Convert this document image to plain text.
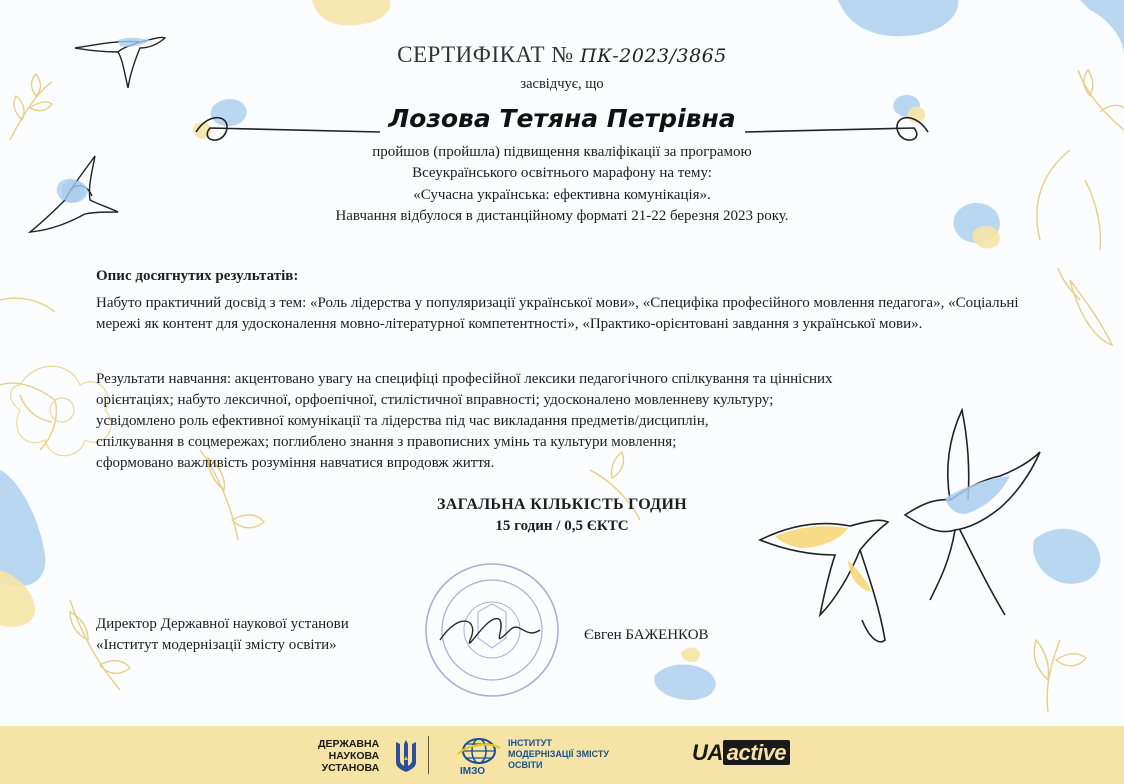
СЕРТИФІКАТ № ПК-2023/3865
засвідчує, що
Лозова Тетяна Петрівна
пройшов (пройшла) підвищення кваліфікації за програмою
Всеукраїнського освітнього марафону на тему:
«Сучасна українська: ефективна комунікація».
Навчання відбулося в дистанційному форматі 21-22 березня 2023 року.
Опис досягнутих результатів:
Набуто практичний досвід з тем: «Роль лідерства у популяризації української мови», «Специфіка професійного мовлення педагога», «Соціальні мережі як контент для удосконалення мовно-літературної компетентності», «Практико-орієнтовані завдання з української мови».
Результати навчання: акцентовано увагу на специфіці професійної лексики педагогічного спілкування та ціннісних
орієнтаціях; набуто лексичної, орфоепічної, стилістичної вправності; удосконалено мовленневу культуру;
усвідомлено роль ефективної комунікації та лідерства під час викладання предметів/дисциплін,
спілкування в соцмережах; поглиблено знання з правописних умінь та культури мовлення;
сформовано важливість розуміння навчатися впродовж життя.
ЗАГАЛЬНА КІЛЬКІСТЬ ГОДИН
15 годин / 0,5 ЄКТС
Директор Державної наукової установи
«Інститут модернізації змісту освіти»
Євген БАЖЕНКОВ
ДЕРЖАВНА
НАУКОВА
УСТАНОВА	ІМЗО
ІНСТИТУТ
МОДЕРНІЗАЦІЇ ЗМІСТУ
ОСВІТИ	UA active
